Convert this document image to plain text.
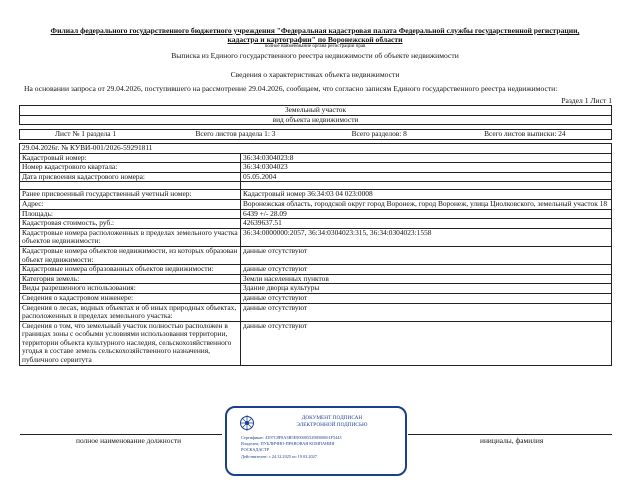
Филиал федерального государственного бюджетного учреждения "Федеральная кадастровая палата Федеральной службы государственной регистрации,
кадастра и картографии" по Воронежской области
полное наименование органа регистрации прав
Выписка из Единого государственного реестра недвижимости об объекте недвижимости
Сведения о характеристиках объекта недвижимости
На основании запроса от 29.04.2026, поступившего на рассмотрение 29.04.2026, сообщаем, что согласно записям Единого государственного реестра недвижимости:
Раздел 1 Лист 1
Земельный участок
вид объекта недвижимости
Лист № 1 раздела 1	Всего листов раздела 1: 3	Всего разделов: 8	Всего листов выписки: 24
29.04.2026г. № КУВИ-001/2026-59291811	
Кадастровый номер:	36:34:0304023:8
Номер кадастрового квартала:	36:34:0304023
Дата присвоения кадастрового номера:	05.05.2004

Ранее присвоенный государственный учетный номер:	Кадастровый номер 36:34:03 04 023:0008
Адрес:	Воронежская область, городской округ город Воронеж, город Воронеж, улица Циолковского, земельный участок 18
Площадь:	6439 +/- 28.09
Кадастровая стоимость, руб.:	42639637.51
Кадастровые номера расположенных в пределах земельного участка объектов недвижимости:	36:34:0000000:2057, 36:34:0304023:315, 36:34:0304023:1558
Кадастровые номера объектов недвижимости, из которых образован объект недвижимости:	данные отсутствуют
Кадастровые номера образованных объектов недвижимости:	данные отсутствуют
Категория земель:	Земли населенных пунктов
Виды разрешенного использования:	Здание дворца культуры
Сведения о кадастровом инженере:	данные отсутствуют
Сведения о лесах, водных объектах и об иных природных объектах, расположенных в пределах земельного участка:	данные отсутствуют
Сведения о том, что земельный участок полностью расположен в границах зоны с особыми условиями использования территории, территории объекта культурного наследия, сельскохозяйственного угодья в составе земель сельскохозяйственного назначения, публичного сервитута	данные отсутствуют
полное наименование должности	инициалы, фамилия
ДОКУМЕНТ ПОДПИСАН
ЭЛЕКТРОННОЙ ПОДПИСЬЮ
Сертификат: 4397C8F8A3B5E9000055298000001F5443
Владелец: ПУБЛИЧНО-ПРАВОВАЯ КОМПАНИЯ
РОСКАДАСТР
Действителен: с 24.12.2025 по 19.03.2027
